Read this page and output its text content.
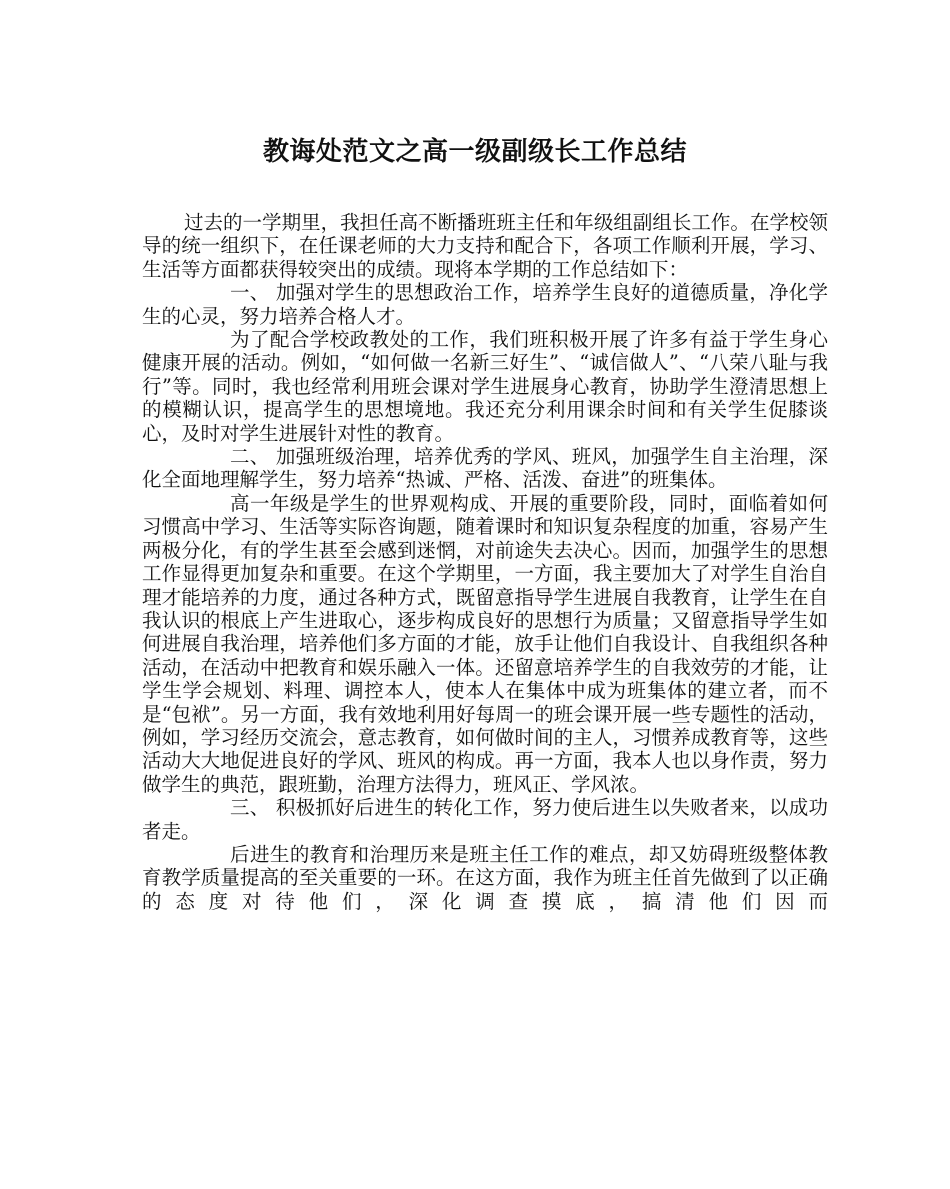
教诲处范文之高一级副级长工作总结

过去的一学期里，我担任高不断播班班主任和年级组副组长工作。在学校领导的统一组织下，在任课老师的大力支持和配合下，各项工作顺利开展，学习、生活等方面都获得较突出的成绩。现将本学期的工作总结如下：

一、 加强对学生的思想政治工作，培养学生良好的道德质量，净化学生的心灵，努力培养合格人才。

为了配合学校政教处的工作，我们班积极开展了许多有益于学生身心健康开展的活动。例如，“如何做一名新三好生”、“诚信做人”、“八荣八耻与我行”等。同时，我也经常利用班会课对学生进展身心教育，协助学生澄清思想上的模糊认识，提高学生的思想境地。我还充分利用课余时间和有关学生促膝谈心，及时对学生进展针对性的教育。

二、 加强班级治理，培养优秀的学风、班风，加强学生自主治理，深化全面地理解学生，努力培养“热诚、严格、活泼、奋进”的班集体。

高一年级是学生的世界观构成、开展的重要阶段，同时，面临着如何习惯高中学习、生活等实际咨询题，随着课时和知识复杂程度的加重，容易产生两极分化，有的学生甚至会感到迷惘，对前途失去决心。因而，加强学生的思想工作显得更加复杂和重要。在这个学期里，一方面，我主要加大了对学生自治自理才能培养的力度，通过各种方式，既留意指导学生进展自我教育，让学生在自我认识的根底上产生进取心，逐步构成良好的思想行为质量；又留意指导学生如何进展自我治理，培养他们多方面的才能，放手让他们自我设计、自我组织各种活动，在活动中把教育和娱乐融入一体。还留意培养学生的自我效劳的才能，让学生学会规划、料理、调控本人，使本人在集体中成为班集体的建立者，而不是“包袱”。另一方面，我有效地利用好每周一的班会课开展一些专题性的活动，例如，学习经历交流会，意志教育，如何做时间的主人，习惯养成教育等，这些活动大大地促进良好的学风、班风的构成。再一方面，我本人也以身作责，努力做学生的典范，跟班勤，治理方法得力，班风正、学风浓。

三、 积极抓好后进生的转化工作，努力使后进生以失败者来，以成功者走。

后进生的教育和治理历来是班主任工作的难点，却又妨碍班级整体教育教学质量提高的至关重要的一环。在这方面，我作为班主任首先做到了以正确的态度对待他们，深化调查摸底，搞清他们因而
